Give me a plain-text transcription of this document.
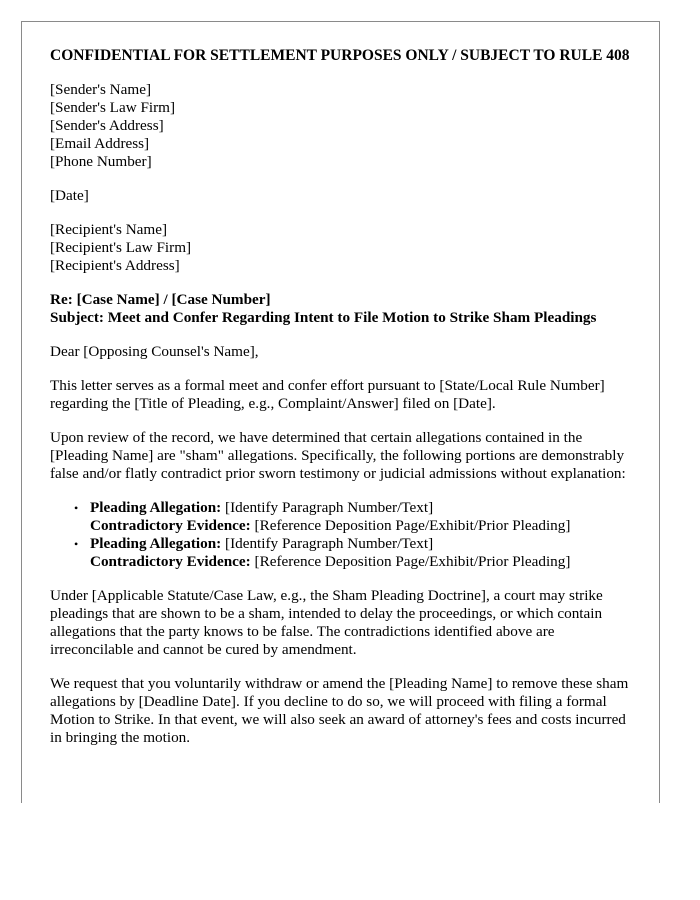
CONFIDENTIAL FOR SETTLEMENT PURPOSES ONLY / SUBJECT TO RULE 408

[Sender's Name]
[Sender's Law Firm]
[Sender's Address]
[Email Address]
[Phone Number]

[Date]

[Recipient's Name]
[Recipient's Law Firm]
[Recipient's Address]

Re: [Case Name] / [Case Number]
Subject: Meet and Confer Regarding Intent to File Motion to Strike Sham Pleadings

Dear [Opposing Counsel's Name],

This letter serves as a formal meet and confer effort pursuant to [State/Local Rule Number] regarding the [Title of Pleading, e.g., Complaint/Answer] filed on [Date].

Upon review of the record, we have determined that certain allegations contained in the [Pleading Name] are "sham" allegations. Specifically, the following portions are demonstrably false and/or flatly contradict prior sworn testimony or judicial admissions without explanation:

• Pleading Allegation: [Identify Paragraph Number/Text]
Contradictory Evidence: [Reference Deposition Page/Exhibit/Prior Pleading]
• Pleading Allegation: [Identify Paragraph Number/Text]
Contradictory Evidence: [Reference Deposition Page/Exhibit/Prior Pleading]

Under [Applicable Statute/Case Law, e.g., the Sham Pleading Doctrine], a court may strike pleadings that are shown to be a sham, intended to delay the proceedings, or which contain allegations that the party knows to be false. The contradictions identified above are irreconcilable and cannot be cured by amendment.

We request that you voluntarily withdraw or amend the [Pleading Name] to remove these sham allegations by [Deadline Date]. If you decline to do so, we will proceed with filing a formal Motion to Strike. In that event, we will also seek an award of attorney's fees and costs incurred in bringing the motion.
